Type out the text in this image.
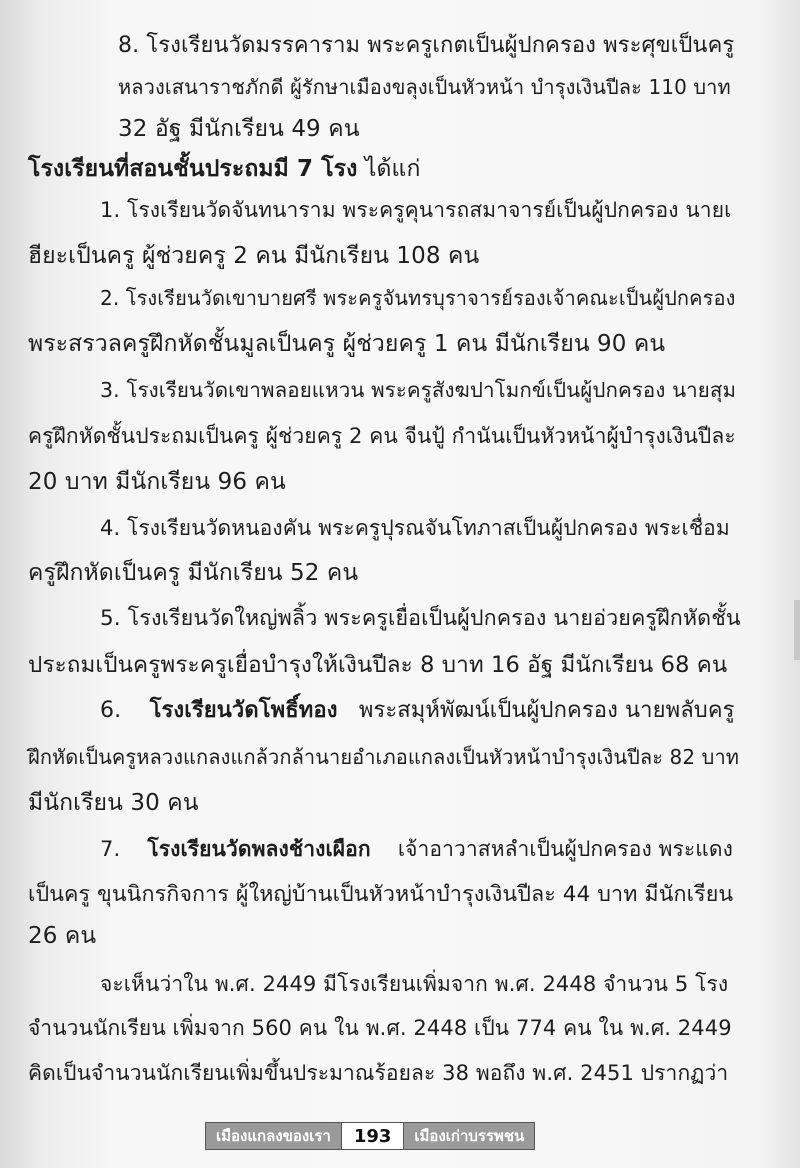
8. โรงเรียนวัดมรรคาราม พระครูเกตเป็นผู้ปกครอง พระศุขเป็นครู
หลวงเสนาราชภักดี ผู้รักษาเมืองขลุงเป็นหัวหน้า บำรุงเงินปีละ 110 บาท
32 อัฐ มีนักเรียน 49 คน
โรงเรียนที่สอนชั้นประถมมี 7 โรง ได้แก่
1. โรงเรียนวัดจันทนาราม พระครูคุนารถสมาจารย์เป็นผู้ปกครอง นายเ
ฮียะเป็นครู ผู้ช่วยครู 2 คน มีนักเรียน 108 คน
2. โรงเรียนวัดเขาบายศรี พระครูจันทรบุราจารย์รองเจ้าคณะเป็นผู้ปกครอง
พระสรวลครูฝึกหัดชั้นมูลเป็นครู ผู้ช่วยครู 1 คน มีนักเรียน 90 คน
3. โรงเรียนวัดเขาพลอยแหวน พระครูสังฆปาโมกข์เป็นผู้ปกครอง นายสุม
ครูฝึกหัดชั้นประถมเป็นครู ผู้ช่วยครู 2 คน จีนปู้ กำนันเป็นหัวหน้าผู้บำรุงเงินปีละ
20 บาท มีนักเรียน 96 คน
4. โรงเรียนวัดหนองคัน พระครูปุรณจันโทภาสเป็นผู้ปกครอง พระเชื่อม
ครูฝึกหัดเป็นครู มีนักเรียน 52 คน
5. โรงเรียนวัดใหญ่พลิ้ว พระครูเยื่อเป็นผู้ปกครอง นายอ่วยครูฝึกหัดชั้น
ประถมเป็นครูพระครูเยื่อบำรุงให้เงินปีละ 8 บาท 16 อัฐ มีนักเรียน 68 คน
6. โรงเรียนวัดโพธิ์ทอง พระสมุห์พัฒน์เป็นผู้ปกครอง นายพลับครู
ฝึกหัดเป็นครูหลวงแกลงแกล้วกล้านายอำเภอแกลงเป็นหัวหน้าบำรุงเงินปีละ 82 บาท
มีนักเรียน 30 คน
7. โรงเรียนวัดพลงช้างเผือก เจ้าอาวาสหลำเป็นผู้ปกครอง พระแดง
เป็นครู ขุนนิกรกิจการ ผู้ใหญ่บ้านเป็นหัวหน้าบำรุงเงินปีละ 44 บาท มีนักเรียน
26 คน
จะเห็นว่าใน พ.ศ. 2449 มีโรงเรียนเพิ่มจาก พ.ศ. 2448 จำนวน 5 โรง
จำนวนนักเรียน เพิ่มจาก 560 คน ใน พ.ศ. 2448 เป็น 774 คน ใน พ.ศ. 2449
คิดเป็นจำนวนนักเรียนเพิ่มขึ้นประมาณร้อยละ 38 พอถึง พ.ศ. 2451 ปรากฏว่า
เมืองแกลงของเรา	193	เมืองเก่าบรรพชน
